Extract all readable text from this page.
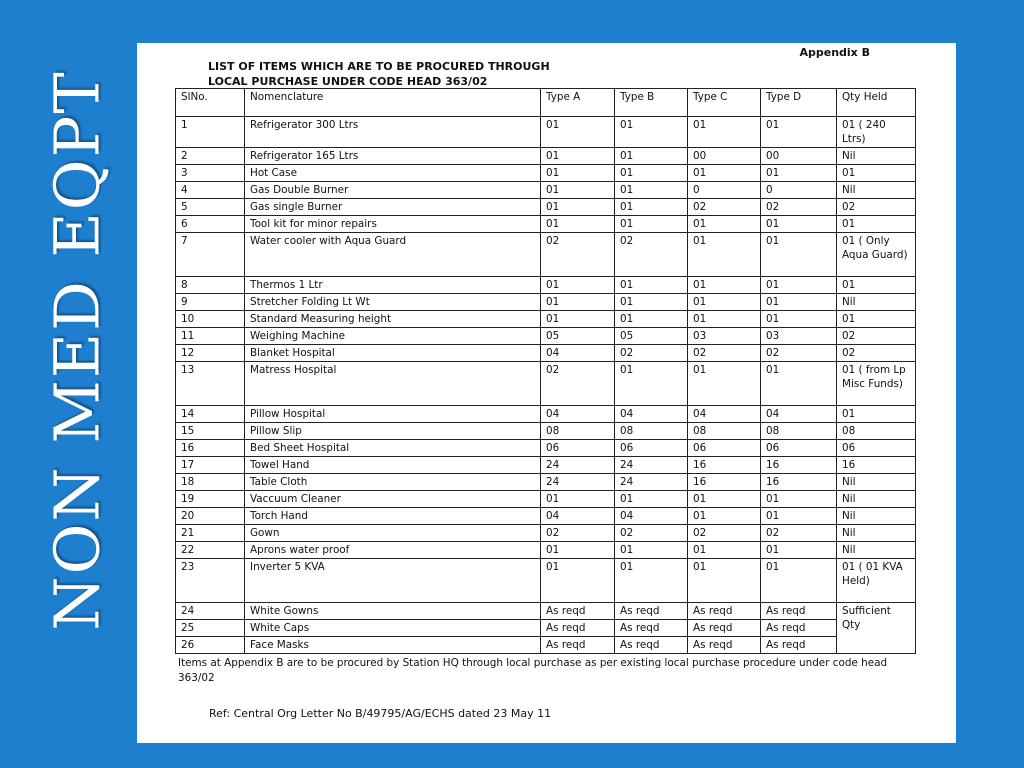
NON MED EQPT
Appendix B
LIST OF ITEMS WHICH ARE TO BE PROCURED THROUGH
LOCAL PURCHASE UNDER CODE HEAD 363/02
SlNo.	Nomenclature	Type A	Type B	Type C	Type D	Qty Held
1	Refrigerator 300 Ltrs	01	01	01	01	01 ( 240 Ltrs)
2	Refrigerator 165 Ltrs	01	01	00	00	Nil
3	Hot Case	01	01	01	01	01
4	Gas Double Burner	01	01	0	0	Nil
5	Gas single Burner	01	01	02	02	02
6	Tool kit for minor repairs	01	01	01	01	01
7	Water cooler with Aqua Guard	02	02	01	01	01 ( Only Aqua Guard)
8	Thermos 1 Ltr	01	01	01	01	01
9	Stretcher Folding Lt Wt	01	01	01	01	Nil
10	Standard Measuring height	01	01	01	01	01
11	Weighing Machine	05	05	03	03	02
12	Blanket Hospital	04	02	02	02	02
13	Matress Hospital	02	01	01	01	01 ( from Lp Misc Funds)
14	Pillow Hospital	04	04	04	04	01
15	Pillow Slip	08	08	08	08	08
16	Bed Sheet Hospital	06	06	06	06	06
17	Towel Hand	24	24	16	16	16
18	Table Cloth	24	24	16	16	Nil
19	Vaccuum Cleaner	01	01	01	01	Nil
20	Torch Hand	04	04	01	01	Nil
21	Gown	02	02	02	02	Nil
22	Aprons water proof	01	01	01	01	Nil
23	Inverter 5 KVA	01	01	01	01	01 ( 01 KVA Held)
24	White Gowns	As reqd	As reqd	As reqd	As reqd	Sufficient Qty
25	White Caps	As reqd	As reqd	As reqd	As reqd	
26	Face Masks	As reqd	As reqd	As reqd	As reqd	
Items at Appendix B are to be procured by Station HQ through local purchase as per existing local purchase procedure under code head 363/02
Ref: Central Org Letter No B/49795/AG/ECHS dated 23 May 11
